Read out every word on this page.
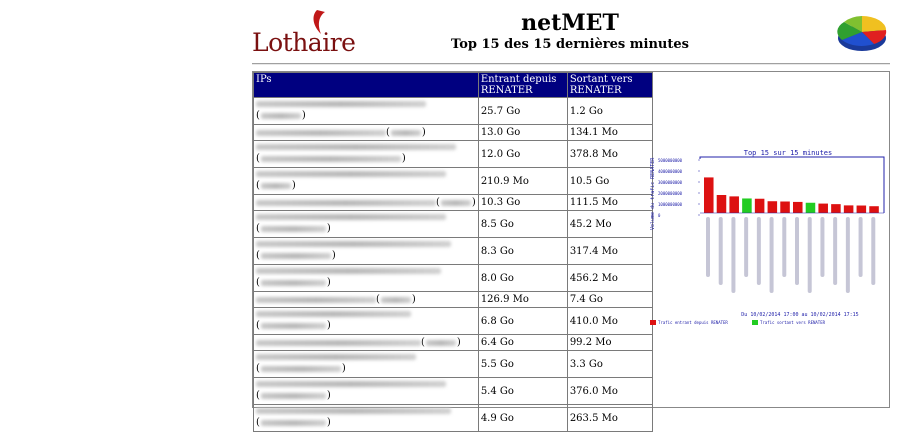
Lothaire
netMET
Top 15 des 15 dernières minutes
IPs	Entrant depuis RENATER	Sortant vers RENATER

( )	25.7 Go	1.2 Go

( )	13.0 Go	134.1 Mo

( )	12.0 Go	378.8 Mo

( )	210.9 Mo	10.5 Go

( )	10.3 Go	111.5 Mo

( )	8.5 Go	45.2 Mo

( )	8.3 Go	317.4 Mo

( )	8.0 Go	456.2 Mo

( )	126.9 Mo	7.4 Go

( )	6.8 Go	410.0 Mo

( )	6.4 Go	99.2 Mo

( )	5.5 Go	3.3 Go

( )	5.4 Go	376.0 Mo

( )	4.9 Go	263.5 Mo
Top 15 sur 15 minutes
Volume du trafic RENATER 5000000000
4000000000
3000000000
2000000000
1000000000
0
Du 10/02/2014 17:00 au 10/02/2014 17:15
Trafic entrant depuis RENATER	Trafic sortant vers RENATER
